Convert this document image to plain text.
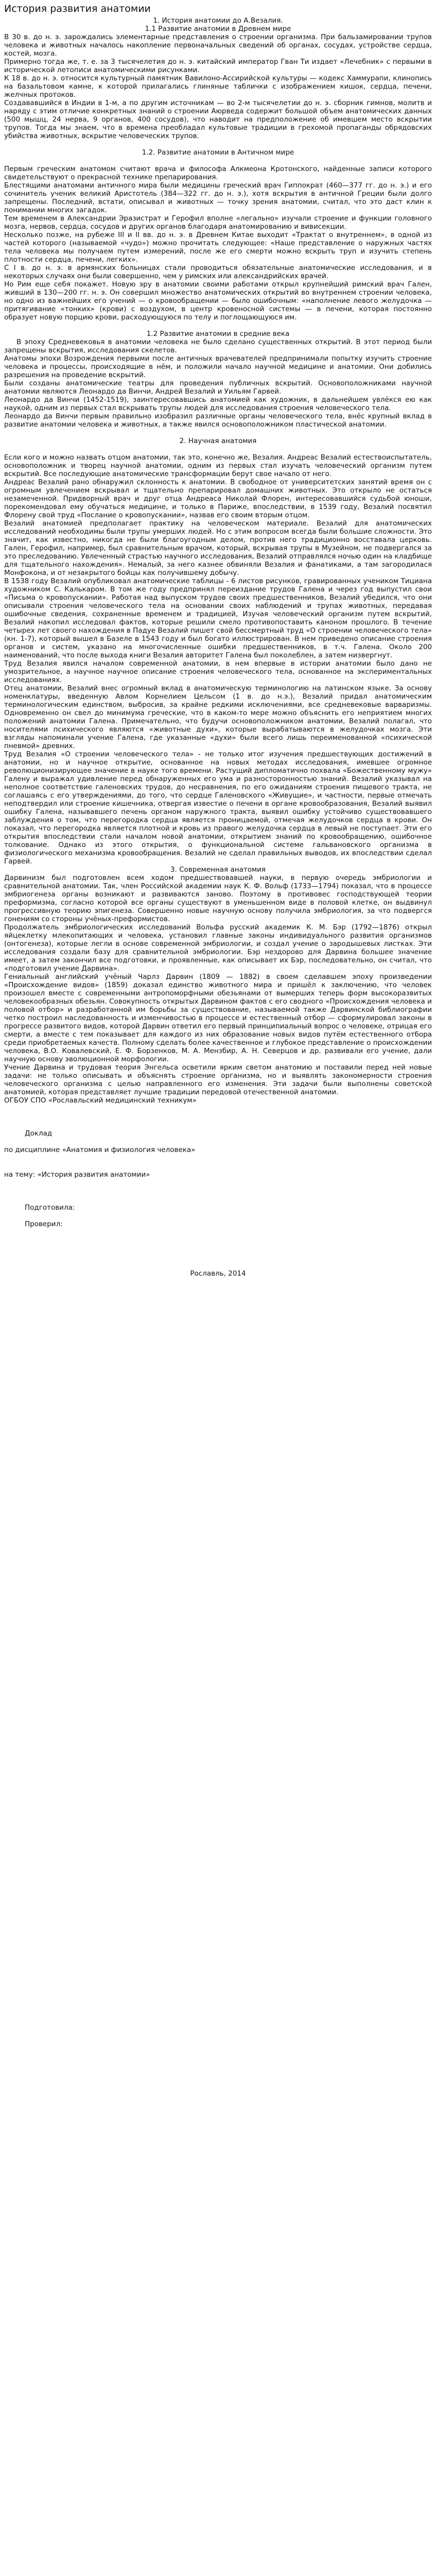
История развития анатомии
1. История анатомии до А.Везалия.
1.1 Развитие анатомии в Древнем мире

В 30 в. до н. э. зарождались элементарные представления о строении организма. При бальзамировании трупов человека и животных началось накопление первоначальных сведений об органах, сосудах, устройстве сердца, костей, мозга.

Примерно тогда же, т. е. за 3 тысячелетия до н. э. китайский император Гван Ти издает «Лечебник» с первыми в исторической летописи анатомическими рисунками.

К 18 в. до н. э. относится культурный памятник Вавилоно-Ассирийской культуры — кодекс Хаммурапи, клинопись на базальтовом камне, к которой прилагались глиняные таблички с изображением кишок, сердца, печени, желчных протоков.

Создававшийся в Индии в 1-м, а по другим источникам — во 2-м тысячелетии до н. э. сборник гимнов, молитв и наряду с этим отличие конкретных знаний о строении Аюрведа содержит большой объем анатомических данных (500 мышц, 24 нерва, 9 органов, 400 сосудов), что наводит на предположение об имевшем место вскрытии трупов. Тогда мы знаем, что в времена преобладал культовые традиции в грехомой пропаганды обрядовских убийства животных, вскрытие человеческих трупов.

1.2. Развитие анатомии в Античном мире

Первым греческим анатомом считают врача и философа Алкмеона Кротонского, найденные записи которого свидетельствуют о прекрасной технике препарирования.

Блестящими анатомами античного мира были медицины греческий врач Гиппократ (460—377 гг. до н. э.) и его сочинитель ученик великий Аристотель (384—322 гг. до н. э.), хотя вскрытия в античной Греции были долго запрещены. Последний, встати, описывал и животных — точку зрения анатомии, считал, что это даст клин к понимании многих загадок.

Тем временем в Александрии Эразистрат и Герофил вполне «легально» изучали строение и функции головного мозга, нервов, сердца, сосудов и других органов благодаря анатомированию и вивисекции.

Несколько позже, на рубеже III и II вв. до н. э. в Древнем Китае выходит «Трактат о внутреннем», в одной из частей которого (называемой «чудо») можно прочитать следующее: «Наше представление о наружных частях тела человека мы получаем путем измерений, после же его смерти можно вскрыть труп и изучить степень плотности сердца, печени, легких».

С I в. до н. э. в армянских больницах стали проводиться обязательные анатомические исследования, и в некоторых случаях они были совершенно, чем у римских или александрийских врачей.

Но Рим еще себя покажет. Новую эру в анатомии своими работами открыл крупнейший римский врач Гален, живший в 130—200 гг. н. э. Он совершил множество анатомических открытий во внутреннем строении человека, но одно из важнейших его учений — о кровообращении — было ошибочным: «наполнение левого желудочка — притягивание «тонких» (крови) с воздухом, в центр кровеносной системы — в печени, которая постоянно образует новую порцию крови, расходующуюся по телу и поглощающуюся им.

1.2 Развитие анатомии в средние века

В эпоху Средневековья в анатомии человека не было сделано существенных открытий. В этот период были запрещены вскрытия, исследования скелетов.

Анатомы эпохи Возрождения первыми после античных врачевателей предпринимали попытку изучить строение человека и процессы, происходящие в нём, и положили начало научной медицине и анатомии. Они добились разрешения на проведение вскрытий.

Были созданы анатомические театры для проведения публичных вскрытий. Основоположниками научной анатомии являются Леонардо да Винчи, Андрей Везалий и Уильям Гарвей.

Леонардо да Винчи (1452-1519), заинтересовавшись анатомией как художник, в дальнейшем увлёкся ею как наукой, одним из первых стал вскрывать трупы людей для исследования строения человеческого тела.

Леонардо да Винчи первым правильно изобразил различные органы человеческого тела, внёс крупный вклад в развитие анатомии человека и животных, а также явился основоположником пластической анатомии.

2. Научная анатомия

Если кого и можно назвать отцом анатомии, так это, конечно же, Везалия. Андреас Везалий естествоиспытатель, основоположник и творец научной анатомии, одним из первых стал изучать человеческий организм путем вскрытий. Все последующие анатомические трансформации берут свое начало от него.

Андреас Везалий рано обнаружил склонность к анатомии. В свободное от университетских занятий время он с огромным увлечением вскрывал и тщательно препарировал домашних животных. Это открыло не остаться незамеченной. Придворный врач и друг отца Андреаса Николай Флорен, интересовавшийся судьбой юноши, порекомендовал ему обучаться медицине, и только в Париже, впоследствии, в 1539 году, Везалий посвятил Флорену свой труд «Послание о кровопускании», назвав его своим вторым отцом.

Везалий анатомией предполагает практику на человеческом материале. Везалий для анатомических исследований необходимы были трупы умерших людей. Но с этим вопросом всегда были большие сложности. Это значит, как известно, никогда не были благоугодным делом, против него традиционно восставала церковь. Гален, Герофил, например, был сравнительным врачом, который, вскрывая трупы в Музейном, не подвергался за это преследованию. Увлеченный страстью научного исследования, Везалий отправлялся ночью один на кладбище для тщательного нахождения». Немалый, за него казнее обвиняли Везалия и фанатиками, а там загородилася Монфокона, и от незакрытого бойцы как получившему добычу.

В 1538 году Везалий опубликовал анатомические таблицы - 6 листов рисунков, гравированных учеником Тициана художником С. Калькаром. В том же году предпринял переиздание трудов Галена и через год выпустил свои «Письма о кровопускании». Работая над выпуском трудов своих предшественников, Везалий убедился, что они описывали строения человеческого тела на основании своих наблюдений и трупах животных, передавая ошибочные сведения, сохраненные временем и традицией, Изучая человеческий организм путем вскрытий, Везалий накопил исследовал фактов, которые решили смело противопоставить каноном прошлого. В течение четырех лет своего нахождения в Падуе Везалий пишет свой бессмертный труд «О строении человеческого тела» (кн. 1-7), который вышел в Базеле в 1543 году и был богато иллюстрирован. В нем приведено описание строения органов и систем, указано на многочисленные ошибки предшественников, в т.ч. Галена. Около 200 наименований, что после выхода книги Везалия авторитет Галена был поколеблен, а затем низвергнут.

Труд Везалия явился началом современной анатомии, в нем впервые в истории анатомии было дано не умозрительное, а научное научное описание строения человеческого тела, основанное на экспериментальных исследованиях.

Отец анатомии, Везалий внес огромный вклад в анатомическую терминологию на латинском языке. За основу номенклатуры, введенную Авлом Корнелием Цельсом (1 в. до н.э.), Везалий придал анатомическим терминологическим единством, выбросив, за крайне редкими исключениями, все средневековые варваризмы. Одновременно он свел до минимума греческие, что в каком-то мере можно объяснить его неприятием многих положений анатомии Галена. Примечательно, что будучи основоположником анатомии, Везалий полагал, что носителями психического являются «животные духи», которые вырабатываются в желудочках мозга. Эти взгляды напоминали учение Галена, где указанные «духи» были всего лишь переименованной «психической пневмой» древних.

Труд Везалия «О строении человеческого тела» - не только итог изучения предшествующих достижений в анатомии, но и научное открытие, основанное на новых методах исследования, имевшее огромное революционизирующее значение в науке того времени. Растущий дипломатично похвала «Божественному мужу» Галену и выражал удивление перед обнаруженных его ума и разносторонностью знаний. Везалий указывал на неполное соответствие галеновских трудов, до несравнения, по его ожиданиям строения пищевого тракта, не соглашаясь с его утверждениями, до того, что сердце Галеновского «Живущие», и частности, первые отмечать неподтвердил или строение кишечника, отвергая известие о печени в органе кровообразования, Везалий выявил ошибку Галена, называвшего печень органом наружного тракта, выявил ошибку устойчиво существовавшего заблуждения о том, что перегородка сердца является проницаемой, отмечая желудочков сердца в крови. Он показал, что перегородка является плотной и кровь из правого желудочка сердца в левый не поступает. Эти его открытия впоследствии стали началом новой анатомии, открытием знаний по кровообращению, ошибочное толкование. Однако из этого открытия, о функциональной системе гальвановского организма в физиологического механизма кровообращения. Везалий не сделал правильных выводов, их впоследствии сделал Гарвей.

3. Современная анатомия

Дарвинизм был подготовлен всем ходом предшествовавшей науки, в первую очередь эмбриологии и сравнительной анатомии. Так, член Российской академии наук К. Ф. Вольф (1733—1794) показал, что в процессе эмбриогенеза органы возникают и развиваются заново. Поэтому в противовес господствующей теории преформизма, согласно которой все органы существуют в уменьшенном виде в половой клетке, он выдвинул прогрессивную теорию эпигенеза. Совершенно новые научную основу получила эмбриология, за что подвергся гонениям со стороны учёных-преформистов.

Продолжатель эмбриологических исследований Вольфа русский академик К. М. Бэр (1792—1876) открыл яйцеклетку млекопитающих и человека, установил главные законы индивидуального развития организмов (онтогенеза), которые легли в основе современной эмбриологии, и создал учение о зародышевых листках. Эти исследования создали базу для сравнительной эмбриологии. Бэр нездорово для Дарвина большее значение имеет, а затем закончил все подготовки, и проявленные, как описывает их Бэр, последовательно, он считал, что «подготовил учение Дарвина».

Гениальный английский учёный Чарлз Дарвин (1809 — 1882) в своем сделавшем эпоху произведении «Происхождение видов» (1859) доказал единство животного мира и пришёл к заключению, что человек произошел вместе с современными антропоморфными обезьянами от вымерших теперь форм высокоразвитых человекообразных обезьян. Совокупность открытых Дарвином фактов с его сводного «Происхождения человека и половой отбор» и разработанной им борьбы за существование, называемой также Дарвинской библиографии четко построил наследованность и изменчивостью в процессе и естественный отбор — сформулировал законы в прогрессе развитого видов, которой Дарвин ответил его первый принципиальный вопрос о человеке, отрицая его смерти, а вместе с тем показывает для каждого из них образование новых видов путём естественного отбора среди приобретаемых качеств. Полному сделать более качественное и глубокое представление о происхождении человека, В.О. Ковалевский, Е. Ф. Борзенков, М. А. Мензбир, А. Н. Северцов и др. развивали его учение, дали научную основу эволюционной морфологии.

Учение Дарвина и трудовая теория Энгельса осветили ярким светом анатомию и поставили перед ней новые задачи: не только описывать и объяснять строение организма, но и выявлять закономерности строения человеческого организма с целью направленного его изменения. Эти задачи были выполнены советской анатомией, которая представляет лучшие традиции передовой отечественной анатомии.

ОГБОУ СПО «Рославльский медицинский техникум»

Доклад

по дисциплине «Анатомия и физиология человека»

на тему: «История развития анатомии»

Подготовила:

Проверил:

Рославль, 2014
